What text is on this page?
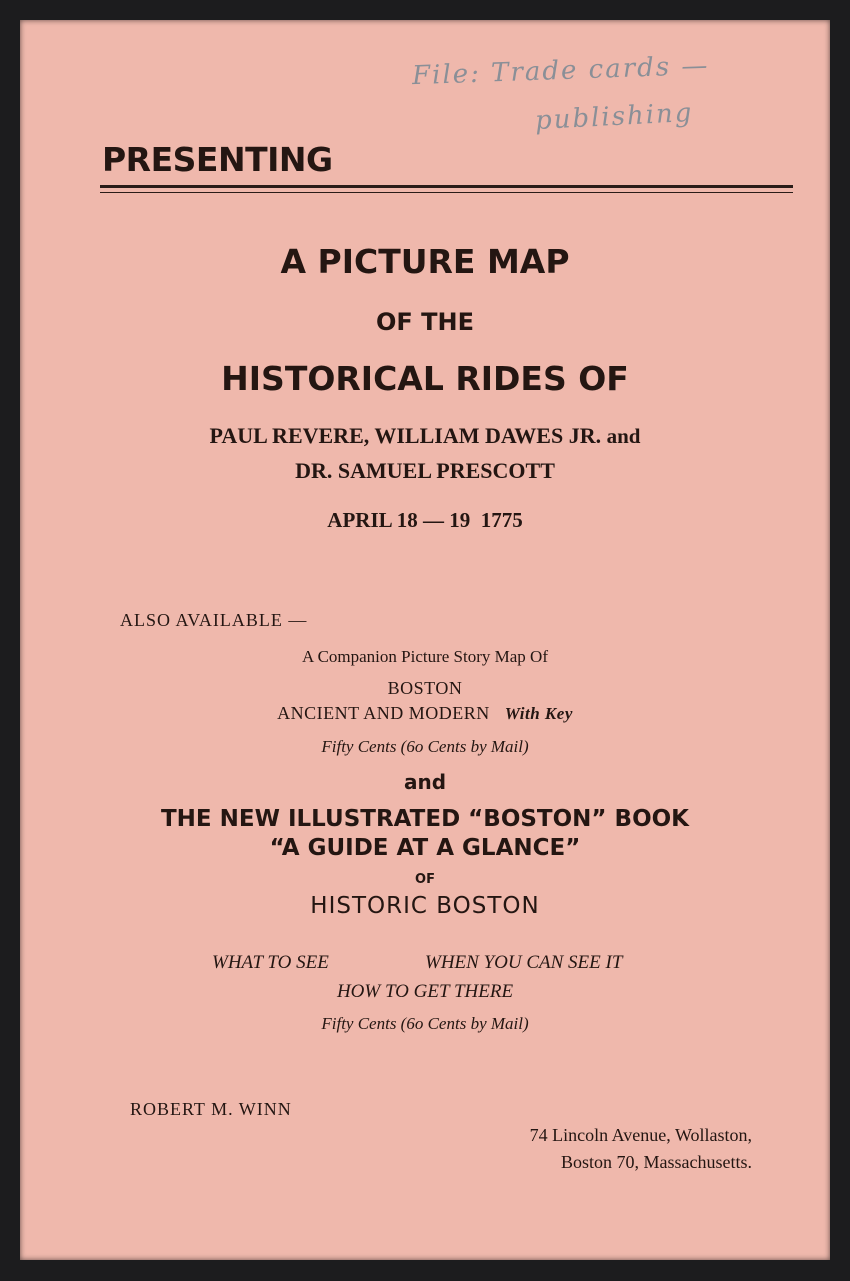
File: Trade cards —
publishing
PRESENTING
A PICTURE MAP
OF THE
HISTORICAL RIDES OF
PAUL REVERE, WILLIAM DAWES JR. and
DR. SAMUEL PRESCOTT
APRIL 18 — 19  1775
ALSO AVAILABLE —
A Companion Picture Story Map Of
BOSTON
ANCIENT AND MODERN With Key
Fifty Cents (6o Cents by Mail)
and
THE NEW ILLUSTRATED “BOSTON” BOOK
“A GUIDE AT A GLANCE”
OF
HISTORIC BOSTON
WHAT TO SEE	WHEN YOU CAN SEE IT
HOW TO GET THERE
Fifty Cents (6o Cents by Mail)
ROBERT M. WINN
74 Lincoln Avenue, Wollaston,
Boston 70, Massachusetts.
